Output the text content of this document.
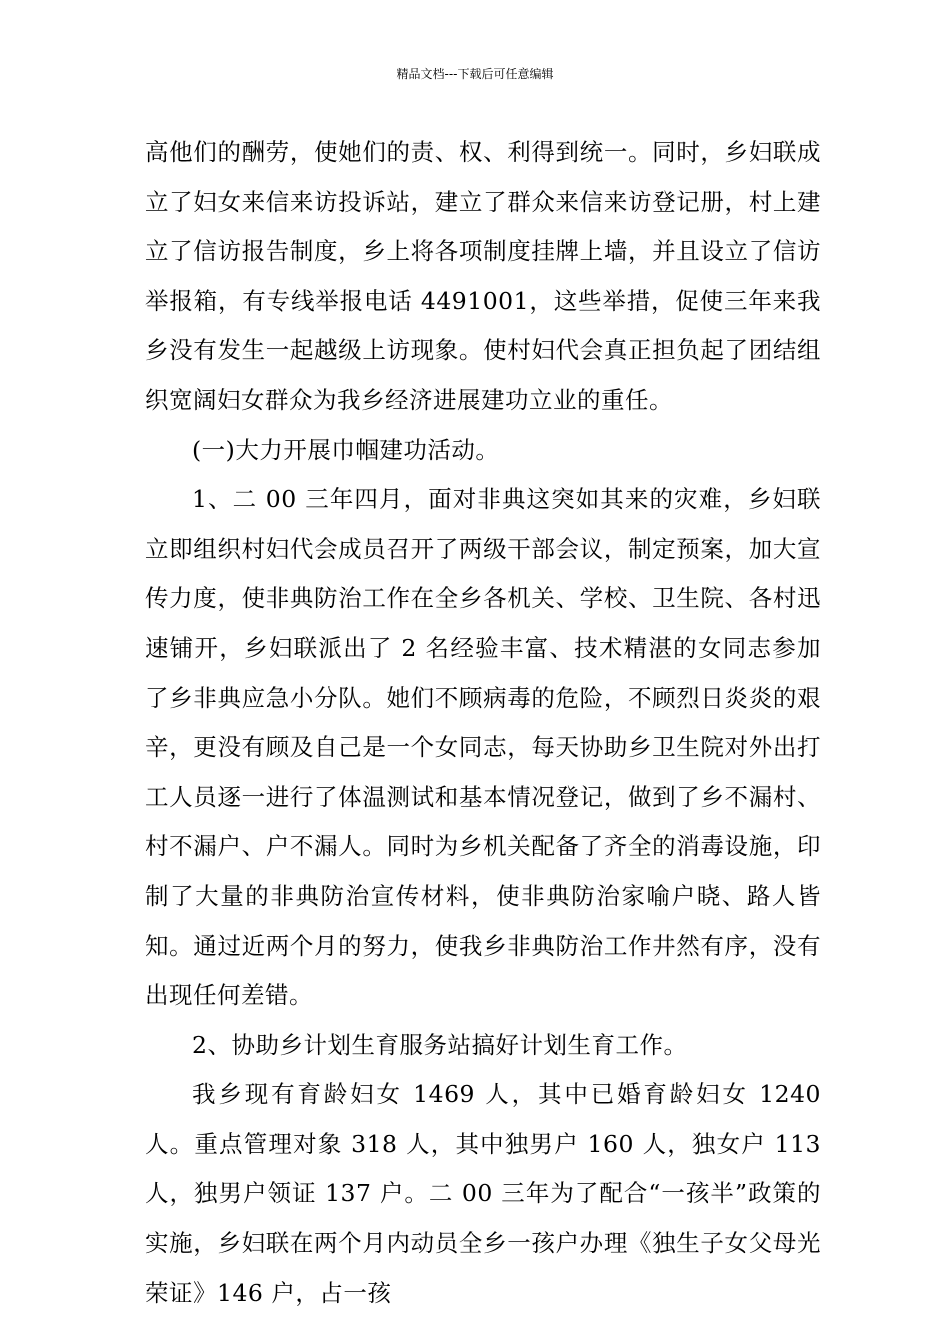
精品文档---下载后可任意编辑

高他们的酬劳，使她们的责、权、利得到统一。同时，乡妇联成立了妇女来信来访投诉站，建立了群众来信来访登记册，村上建立了信访报告制度，乡上将各项制度挂牌上墙，并且设立了信访举报箱，有专线举报电话 4491001，这些举措，促使三年来我乡没有发生一起越级上访现象。使村妇代会真正担负起了团结组织宽阔妇女群众为我乡经济进展建功立业的重任。

(一)大力开展巾帼建功活动。

1、二 00 三年四月，面对非典这突如其来的灾难，乡妇联立即组织村妇代会成员召开了两级干部会议，制定预案，加大宣传力度，使非典防治工作在全乡各机关、学校、卫生院、各村迅速铺开，乡妇联派出了 2 名经验丰富、技术精湛的女同志参加了乡非典应急小分队。她们不顾病毒的危险，不顾烈日炎炎的艰辛，更没有顾及自己是一个女同志，每天协助乡卫生院对外出打工人员逐一进行了体温测试和基本情况登记，做到了乡不漏村、村不漏户、户不漏人。同时为乡机关配备了齐全的消毒设施，印制了大量的非典防治宣传材料，使非典防治家喻户晓、路人皆知。通过近两个月的努力，使我乡非典防治工作井然有序，没有出现任何差错。

2、协助乡计划生育服务站搞好计划生育工作。

我乡现有育龄妇女 1469 人，其中已婚育龄妇女 1240 人。重点管理对象 318 人，其中独男户 160 人，独女户 113 人，独男户领证 137 户。二 00 三年为了配合“一孩半”政策的实施，乡妇联在两个月内动员全乡一孩户办理《独生子女父母光荣证》146 户，占一孩
